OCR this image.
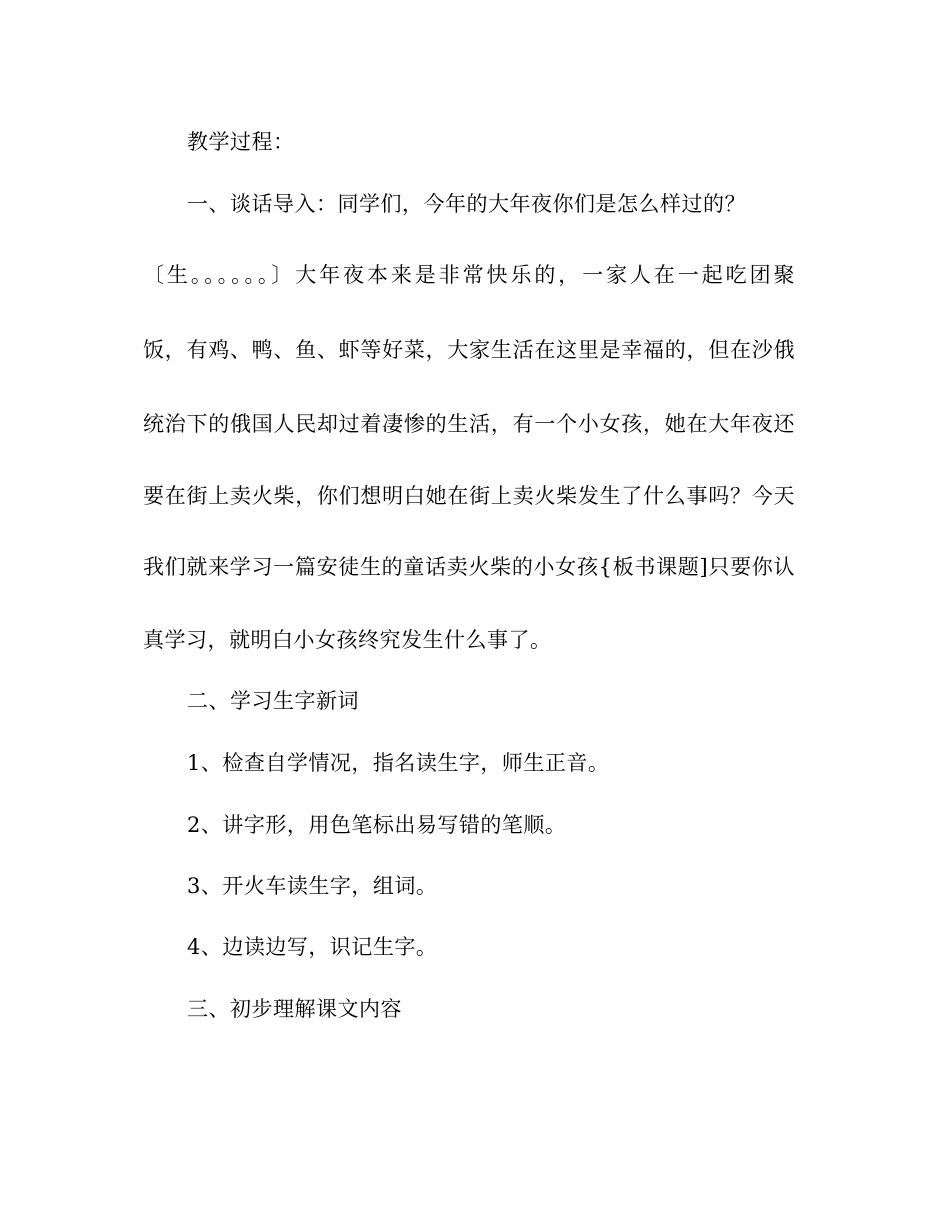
教学过程：
一、谈话导入：同学们，今年的大年夜你们是怎么样过的？
〔生。。。。。。〕大年夜本来是非常快乐的，一家人在一起吃团聚
饭，有鸡、鸭、鱼、虾等好菜，大家生活在这里是幸福的，但在沙俄
统治下的俄国人民却过着凄惨的生活，有一个小女孩，她在大年夜还
要在街上卖火柴，你们想明白她在街上卖火柴发生了什么事吗？今天
我们就来学习一篇安徒生的童话卖火柴的小女孩{板书课题]只要你认
真学习，就明白小女孩终究发生什么事了。
二、学习生字新词
1、检查自学情况，指名读生字，师生正音。
2、讲字形，用色笔标出易写错的笔顺。
3、开火车读生字，组词。
4、边读边写，识记生字。
三、初步理解课文内容
